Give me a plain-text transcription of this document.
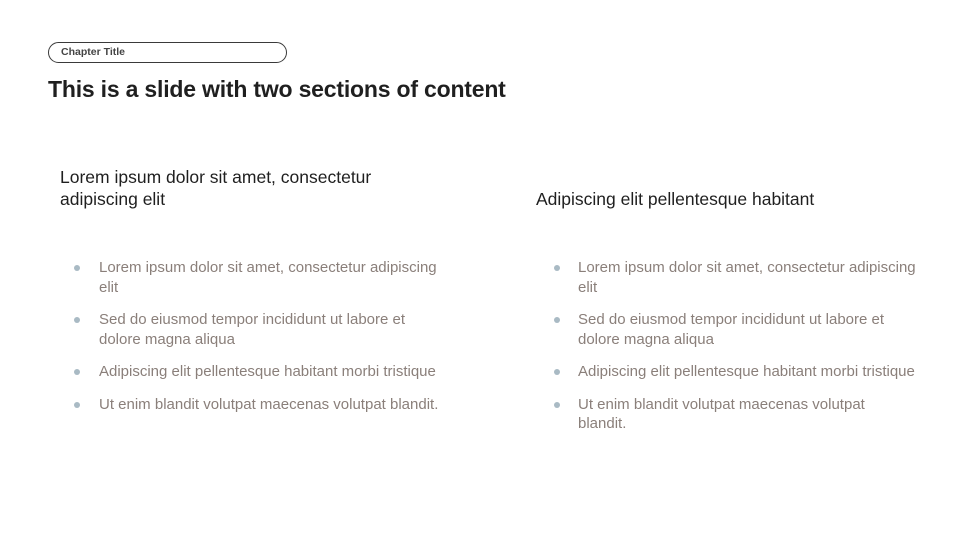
Chapter Title
This is a slide with two sections of content
Lorem ipsum dolor sit amet, consectetur adipiscing elit
Lorem ipsum dolor sit amet, consectetur adipiscing elit
Sed do eiusmod tempor incididunt ut labore et dolore magna aliqua
Adipiscing elit pellentesque habitant morbi tristique
Ut enim blandit volutpat maecenas volutpat blandit.
Adipiscing elit pellentesque habitant
Lorem ipsum dolor sit amet, consectetur adipiscing elit
Sed do eiusmod tempor incididunt ut labore et dolore magna aliqua
Adipiscing elit pellentesque habitant morbi tristique
Ut enim blandit volutpat maecenas volutpat blandit.
